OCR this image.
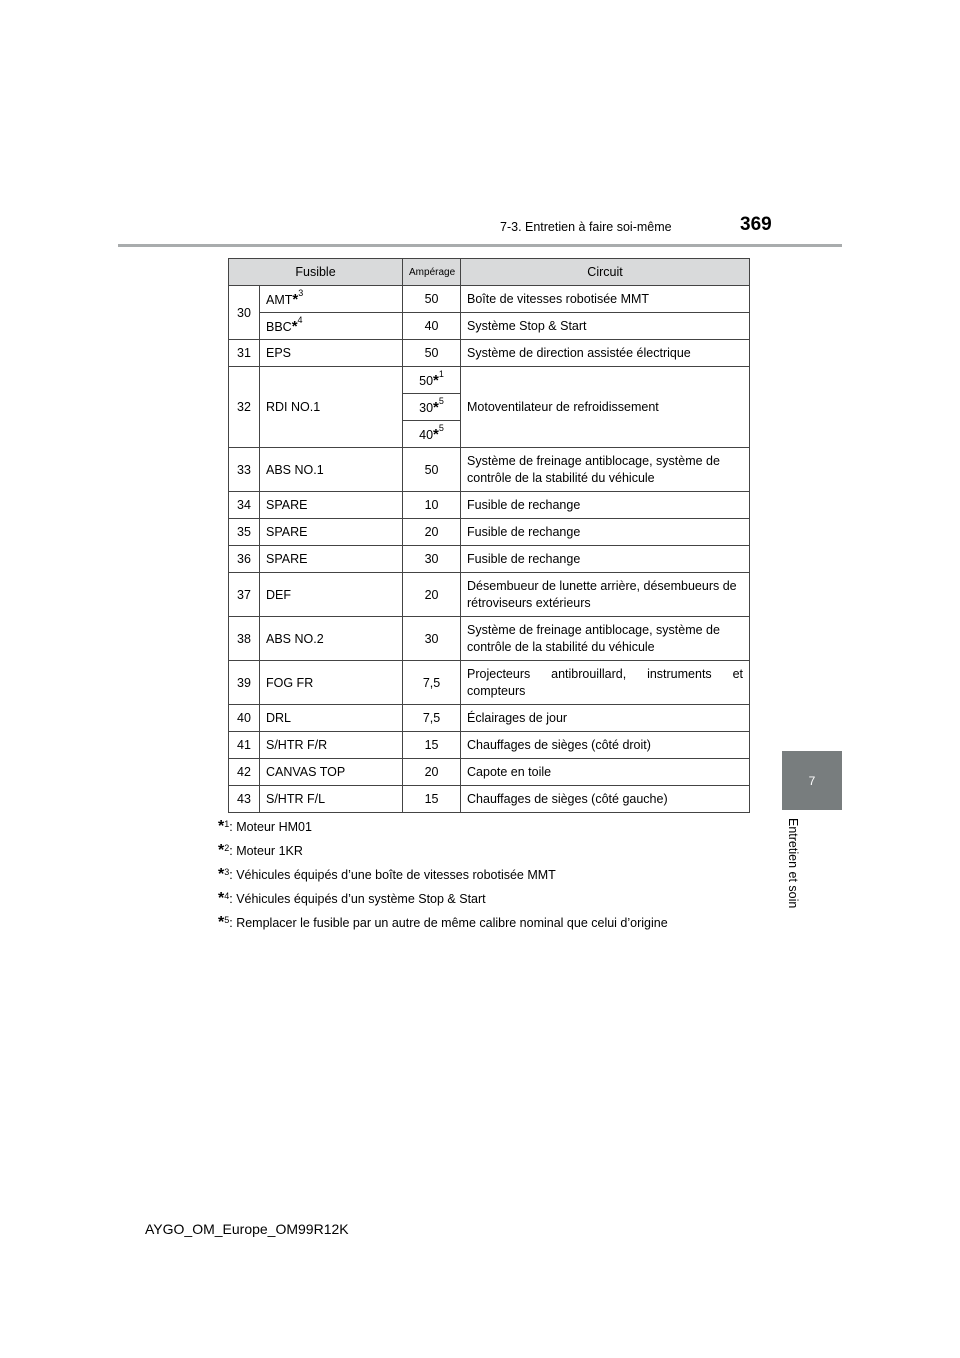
7-3. Entretien à faire soi-même	369
7
Entretien et soin
Fusible		Ampérage	Circuit
30	AMT*$^3$	50	Boîte de vitesses robotisée MMT
	BBC*$^4$	40	Système Stop & Start
31	EPS	50	Système de direction assistée électrique
32	RDI NO.1	50*$^1$	Motoventilateur de refroidissement
		30*$^5$
		40*$^5$
33	ABS NO.1	50	Système de freinage antiblocage, système de contrôle de la stabilité du véhicule
34	SPARE	10	Fusible de rechange
35	SPARE	20	Fusible de rechange
36	SPARE	30	Fusible de rechange
37	DEF	20	Désembueur de lunette arrière, désembueurs de rétroviseurs extérieurs
38	ABS NO.2	30	Système de freinage antiblocage, système de contrôle de la stabilité du véhicule
39	FOG FR	7,5	Projecteurs antibrouillard, instruments et compteurs
40	DRL	7,5	Éclairages de jour
41	S/HTR F/R	15	Chauffages de sièges (côté droit)
42	CANVAS TOP	20	Capote en toile
43	S/HTR F/L	15	Chauffages de sièges (côté gauche)
*$^1$: Moteur HM01
*$^2$: Moteur 1KR
*$^3$: Véhicules équipés d’une boîte de vitesses robotisée MMT
*$^4$: Véhicules équipés d’un système Stop & Start
*$^5$: Remplacer le fusible par un autre de même calibre nominal que celui d’origine
AYGO_OM_Europe_OM99R12K
